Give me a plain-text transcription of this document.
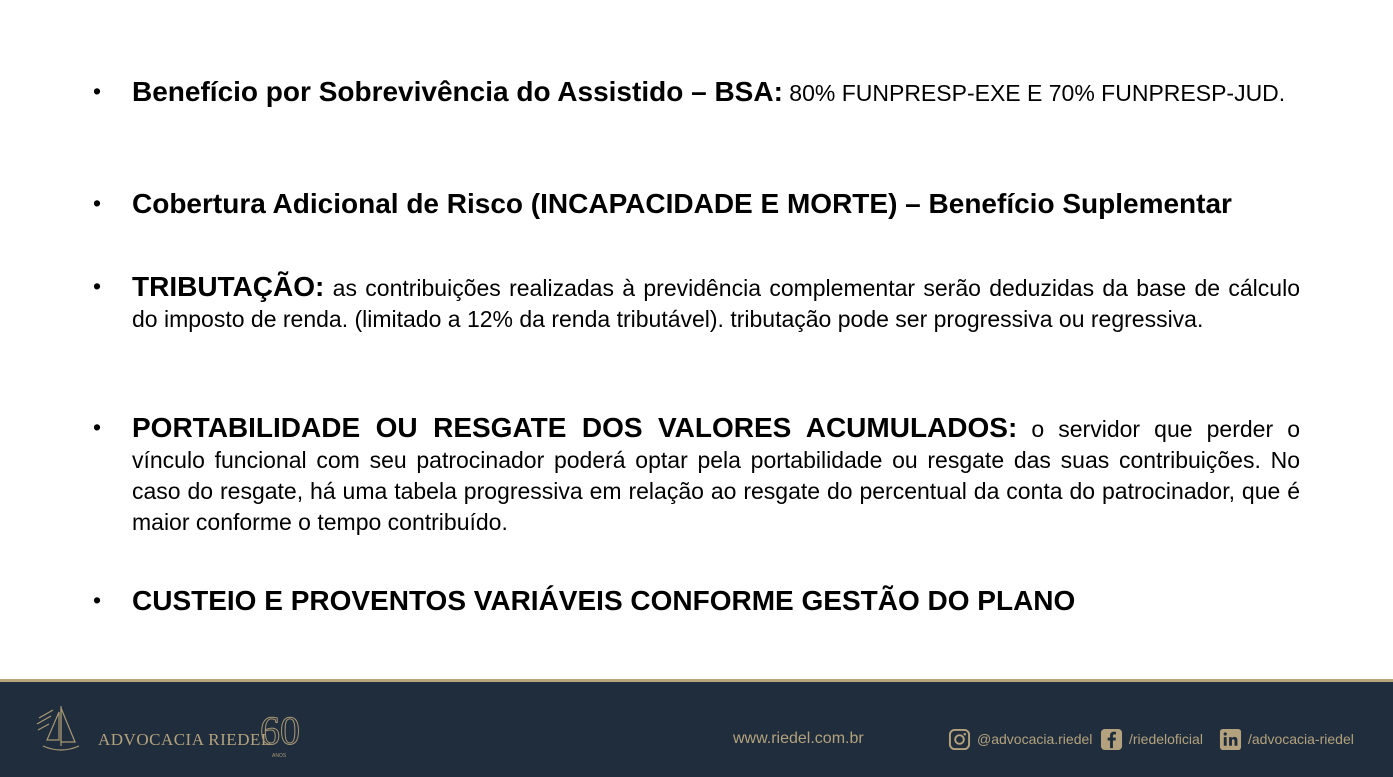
• Benefício por Sobrevivência do Assistido – BSA: 80% FUNPRESP-EXE E 70% FUNPRESP-JUD.
• Cobertura Adicional de Risco (INCAPACIDADE E MORTE) – Benefício Suplementar
• TRIBUTAÇÃO: as contribuições realizadas à previdência complementar serão deduzidas da base de cálculo do imposto de renda. (limitado a 12% da renda tributável). tributação pode ser progressiva ou regressiva.
• PORTABILIDADE OU RESGATE DOS VALORES ACUMULADOS: o servidor que perder o vínculo funcional com seu patrocinador poderá optar pela portabilidade ou resgate das suas contribuições. No caso do resgate, há uma tabela progressiva em relação ao resgate do percentual da conta do patrocinador, que é maior conforme o tempo contribuído.
• CUSTEIO E PROVENTOS VARIÁVEIS CONFORME GESTÃO DO PLANO
ADVOCACIA RIEDEL
60
ANOS
www.riedel.com.br	@advocacia.riedel	/riedeloficial	/advocacia-riedel
